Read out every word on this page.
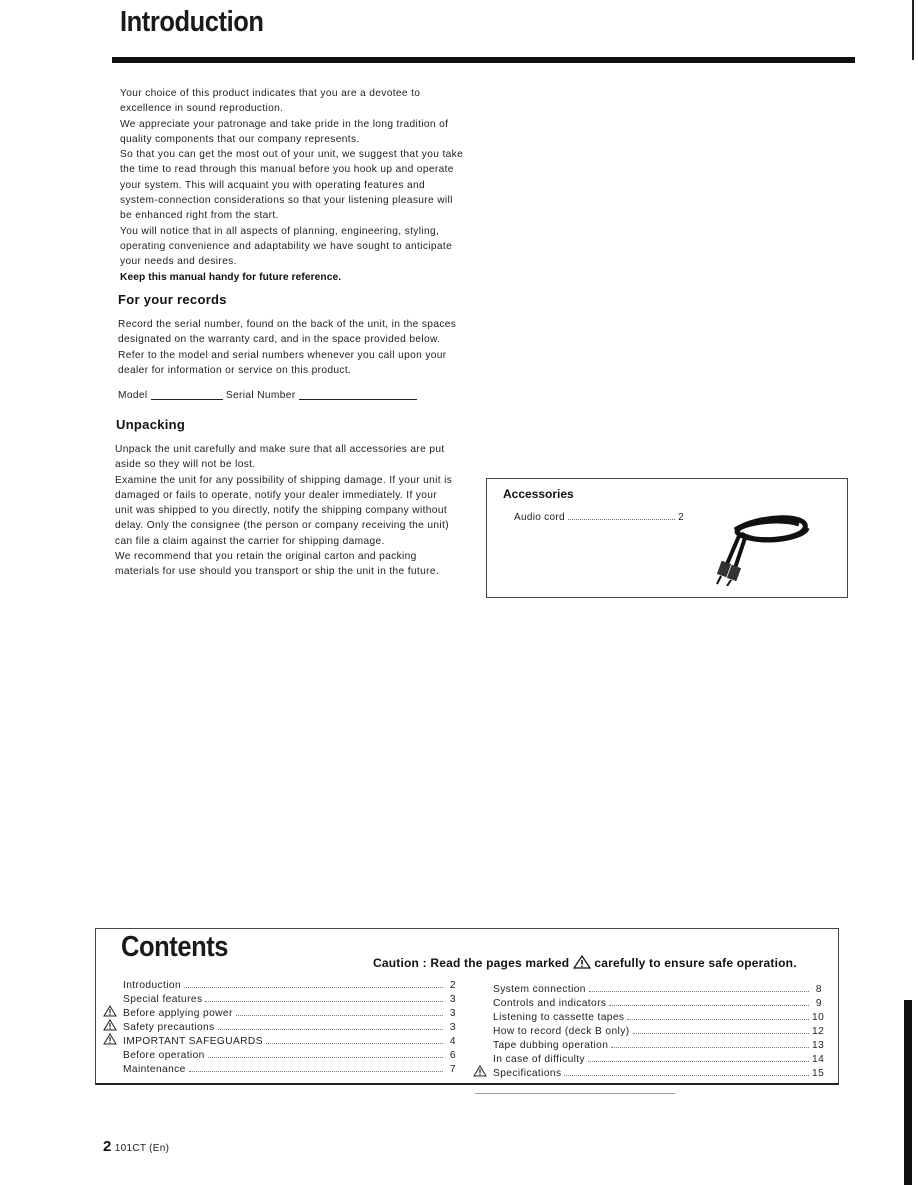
Introduction

Your choice of this product indicates that you are a devotee to excellence in sound reproduction.

We appreciate your patronage and take pride in the long tradition of quality components that our company represents.

So that you can get the most out of your unit, we suggest that you take the time to read through this manual before you hook up and operate your system. This will acquaint you with operating features and system-connection considerations so that your listening pleasure will be enhanced right from the start.

You will notice that in all aspects of planning, engineering, styling, operating convenience and adaptability we have sought to anticipate your needs and desires.

Keep this manual handy for future reference.

For your records
Record the serial number, found on the back of the unit, in the spaces designated on the warranty card, and in the space provided below. Refer to the model and serial numbers whenever you call upon your dealer for information or service on this product.
Model	Serial Number
Unpacking

Unpack the unit carefully and make sure that all accessories are put aside so they will not be lost.

Examine the unit for any possibility of shipping damage. If your unit is damaged or fails to operate, notify your dealer immediately. If your unit was shipped to you directly, notify the shipping company without delay. Only the consignee (the person or company receiving the unit) can file a claim against the carrier for shipping damage.

We recommend that you retain the original carton and packing materials for use should you transport or ship the unit in the future.

Accessories
Audio cord	2
Contents	Caution : Read the pages marked carefully to ensure safe operation.
Introduction	2
Special features	3
Before applying power	3
Safety precautions	3
IMPORTANT SAFEGUARDS	4
Before operation	6
Maintenance	7
System connection	8
Controls and indicators	9
Listening to cassette tapes	10
How to record (deck B only)	12
Tape dubbing operation	13
In case of difficulty	14
Specifications	15
2 101CT (En)
